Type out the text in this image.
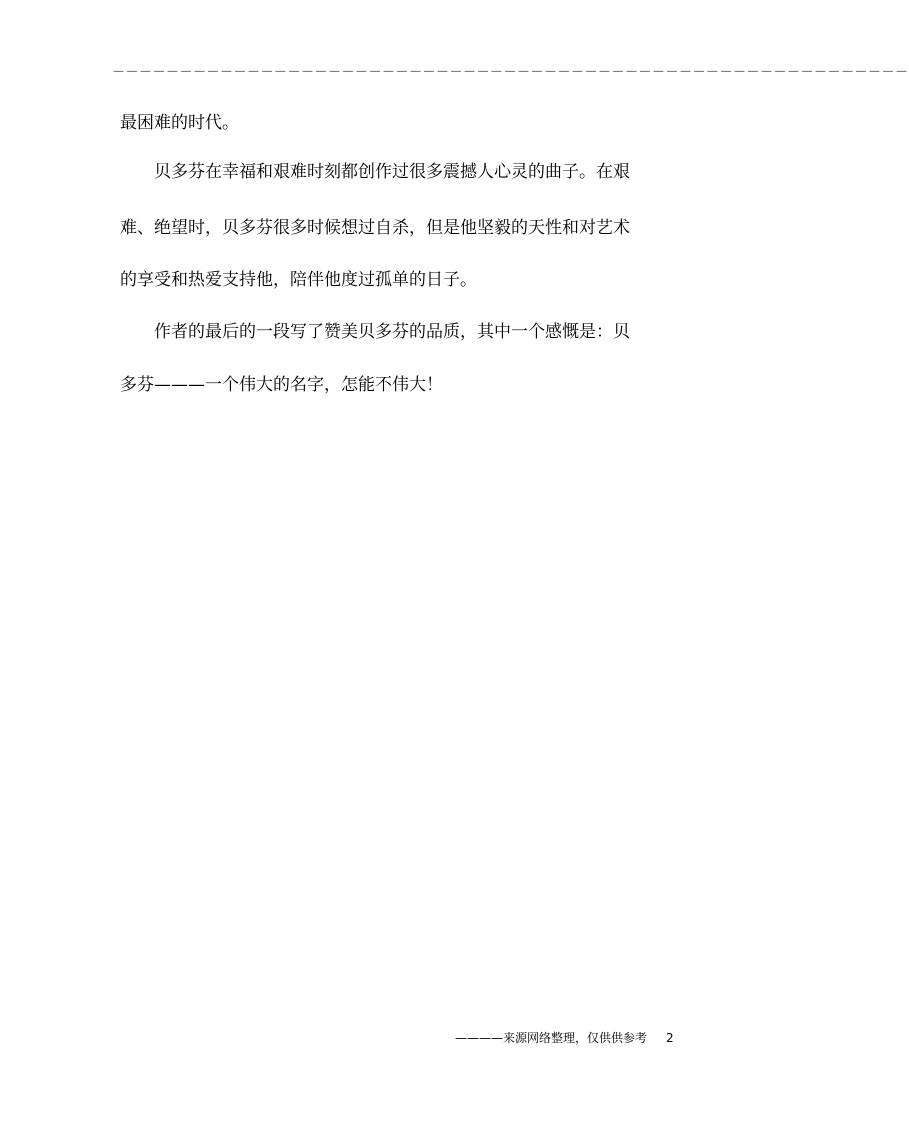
－－－－－－－－－－－－－－－－－－－－－－－－－－－－－－－－－－－－－－－－－－－－－－－－－－－－－－－－－－－
最困难的时代。
贝多芬在幸福和艰难时刻都创作过很多震撼人心灵的曲子。在艰
难、绝望时，贝多芬很多时候想过自杀，但是他坚毅的天性和对艺术
的享受和热爱支持他，陪伴他度过孤单的日子。
作者的最后的一段写了赞美贝多芬的品质，其中一个感慨是：贝
多芬———一个伟大的名字，怎能不伟大！
————来源网络整理，仅供供参考 2
